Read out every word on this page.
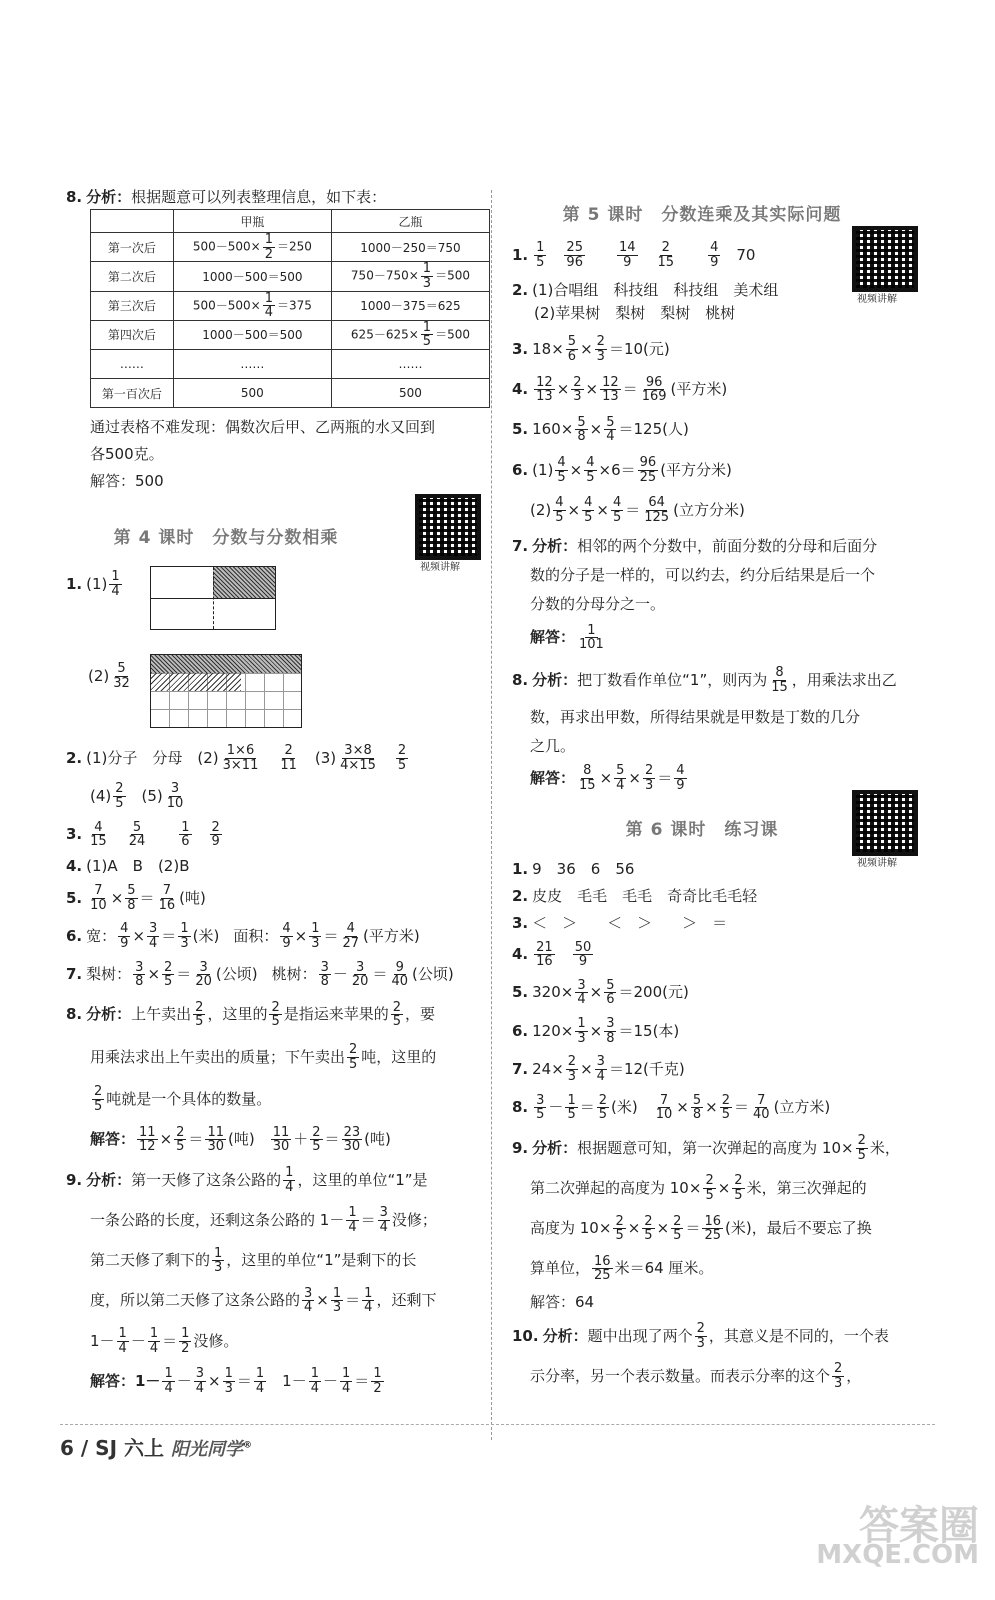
8. 分析： 根据题意可以列表整理信息，如下表：
	甲瓶	乙瓶
第一次后	$500-500\times \frac{1}{2} =250$	1000－250＝750
第二次后	1000－500＝500	$750-750\times \frac{1}{3} =500$
第三次后	$500-500\times \frac{1}{4} =375$	1000－375＝625
第四次后	1000－500＝500	$625-625\times \frac{1}{5} =500$
……	……	……
第一百次后	500	500
通过表格不难发现：偶数次后甲、乙两瓶的水又回到
各500克。
解答：500
第 4 课时　分数与分数相乘
1. $(1) \frac{1}{4}$
$(2) \frac{5}{32}$
2. (1)分子　分母　$(2) \frac{1\times 6}{3\times 11} \frac{2}{11} (3) \frac{3\times 8}{4\times 15} \frac{2}{5}$
$(4) \frac{2}{5} (5) \frac{3}{10}$
3. $\frac{4}{15} \frac{5}{24} \frac{1}{6} \frac{2}{9}$
4. (1)A　B　(2)B
5. $\frac{7}{10} \times \frac{5}{8} = \frac{7}{16}$ (吨)
6. 宽： $\frac{4}{9} \times \frac{3}{4} = \frac{1}{3}$ (米) 面积： $\frac{4}{9} \times \frac{1}{3} = \frac{4}{27}$ (平方米)
7. 梨树： $\frac{3}{8} \times \frac{2}{5} = \frac{3}{20}$ (公顷) 桃树： $\frac{3}{8} - \frac{3}{20} = \frac{9}{40}$ (公顷)
8. 分析： 上午卖出 $\frac{2}{5}$ ，这里的 $\frac{2}{5}$ 是指运来苹果的 $\frac{2}{5}$ ，要
用乘法求出上午卖出的质量；下午卖出 $\frac{2}{5}$ 吨，这里的
$\frac{2}{5}$ 吨就是一个具体的数量。
解答： $\frac{11}{12} \times \frac{2}{5} = \frac{11}{30}$ (吨) $\frac{11}{30} + \frac{2}{5} = \frac{23}{30}$ (吨)
9. 分析： 第一天修了这条公路的 $\frac{1}{4}$ ，这里的单位“1”是
一条公路的长度，还剩这条公路的 $1- \frac{1}{4} = \frac{3}{4}$ 没修；
第二天修了剩下的 $\frac{1}{3}$ ，这里的单位“1”是剩下的长
度，所以第二天修了这条公路的 $\frac{3}{4} \times \frac{1}{3} = \frac{1}{4}$ ，还剩下
$1- \frac{1}{4} - \frac{1}{4} = \frac{1}{2}$ 没修。
解答：$1- \frac{1}{4} - \frac{3}{4} \times \frac{1}{3} = \frac{1}{4} 1- \frac{1}{4} - \frac{1}{4} = \frac{1}{2}$
视频讲解
视频讲解
视频讲解
第 5 课时　分数连乘及其实际问题
1. $\frac{1}{5} \frac{25}{96} \frac{14}{9} \frac{2}{15} \frac{4}{9} 70$
2. (1)合唱组　科技组　科技组　美术组
(2)苹果树　梨树　梨树　桃树
3. $18\times \frac{5}{6} \times \frac{2}{3} =10$(元)
4. $\frac{12}{13} \times \frac{2}{3} \times \frac{12}{13} = \frac{96}{169}$ (平方米)
5. $160\times \frac{5}{8} \times \frac{5}{4} =125$(人)
6. $(1) \frac{4}{5} \times \frac{4}{5} \times 6= \frac{96}{25}$ (平方分米)
$(2) \frac{4}{5} \times \frac{4}{5} \times \frac{4}{5} = \frac{64}{125}$ (立方分米)
7. 分析： 相邻的两个分数中，前面分数的分母和后面分
数的分子是一样的，可以约去，约分后结果是后一个
分数的分母分之一。
解答： $\frac{1}{101}$
8. 分析： 把丁数看作单位“1”，则丙为 $\frac{8}{15}$ ，用乘法求出乙
数，再求出甲数，所得结果就是甲数是丁数的几分
之几。
解答： $\frac{8}{15} \times \frac{5}{4} \times \frac{2}{3} = \frac{4}{9}$
第 6 课时　练习课
1. 9　36　6　56
2. 皮皮　毛毛　毛毛　奇奇比毛毛轻
3. ＜　＞　　＜　＞　　＞　＝
4. $\frac{21}{16} \frac{50}{9}$
5. $320\times \frac{3}{4} \times \frac{5}{6} =200$(元)
6. $120\times \frac{1}{3} \times \frac{3}{8} =15$(本)
7. $24\times \frac{2}{3} \times \frac{3}{4} =12$(千克)
8. $\frac{3}{5} - \frac{1}{5} = \frac{2}{5}$ (米) $\frac{7}{10} \times \frac{5}{8} \times \frac{2}{5} = \frac{7}{40}$ (立方米)
9. 分析： 根据题意可知，第一次弹起的高度为 $10\times \frac{2}{5}$ 米，
第二次弹起的高度为 $10\times \frac{2}{5} \times \frac{2}{5}$ 米，第三次弹起的
高度为 $10\times \frac{2}{5} \times \frac{2}{5} \times \frac{2}{5} = \frac{16}{25}$ (米)，最后不要忘了换
算单位， $\frac{16}{25}$ 米＝64 厘米。
解答：64
10. 分析： 题中出现了两个 $\frac{2}{3}$ ，其意义是不同的，一个表
示分率，另一个表示数量。而表示分率的这个 $\frac{2}{3}$ ，
6 / SJ 六上 阳光同学®
答案圈
MXQE.COM
